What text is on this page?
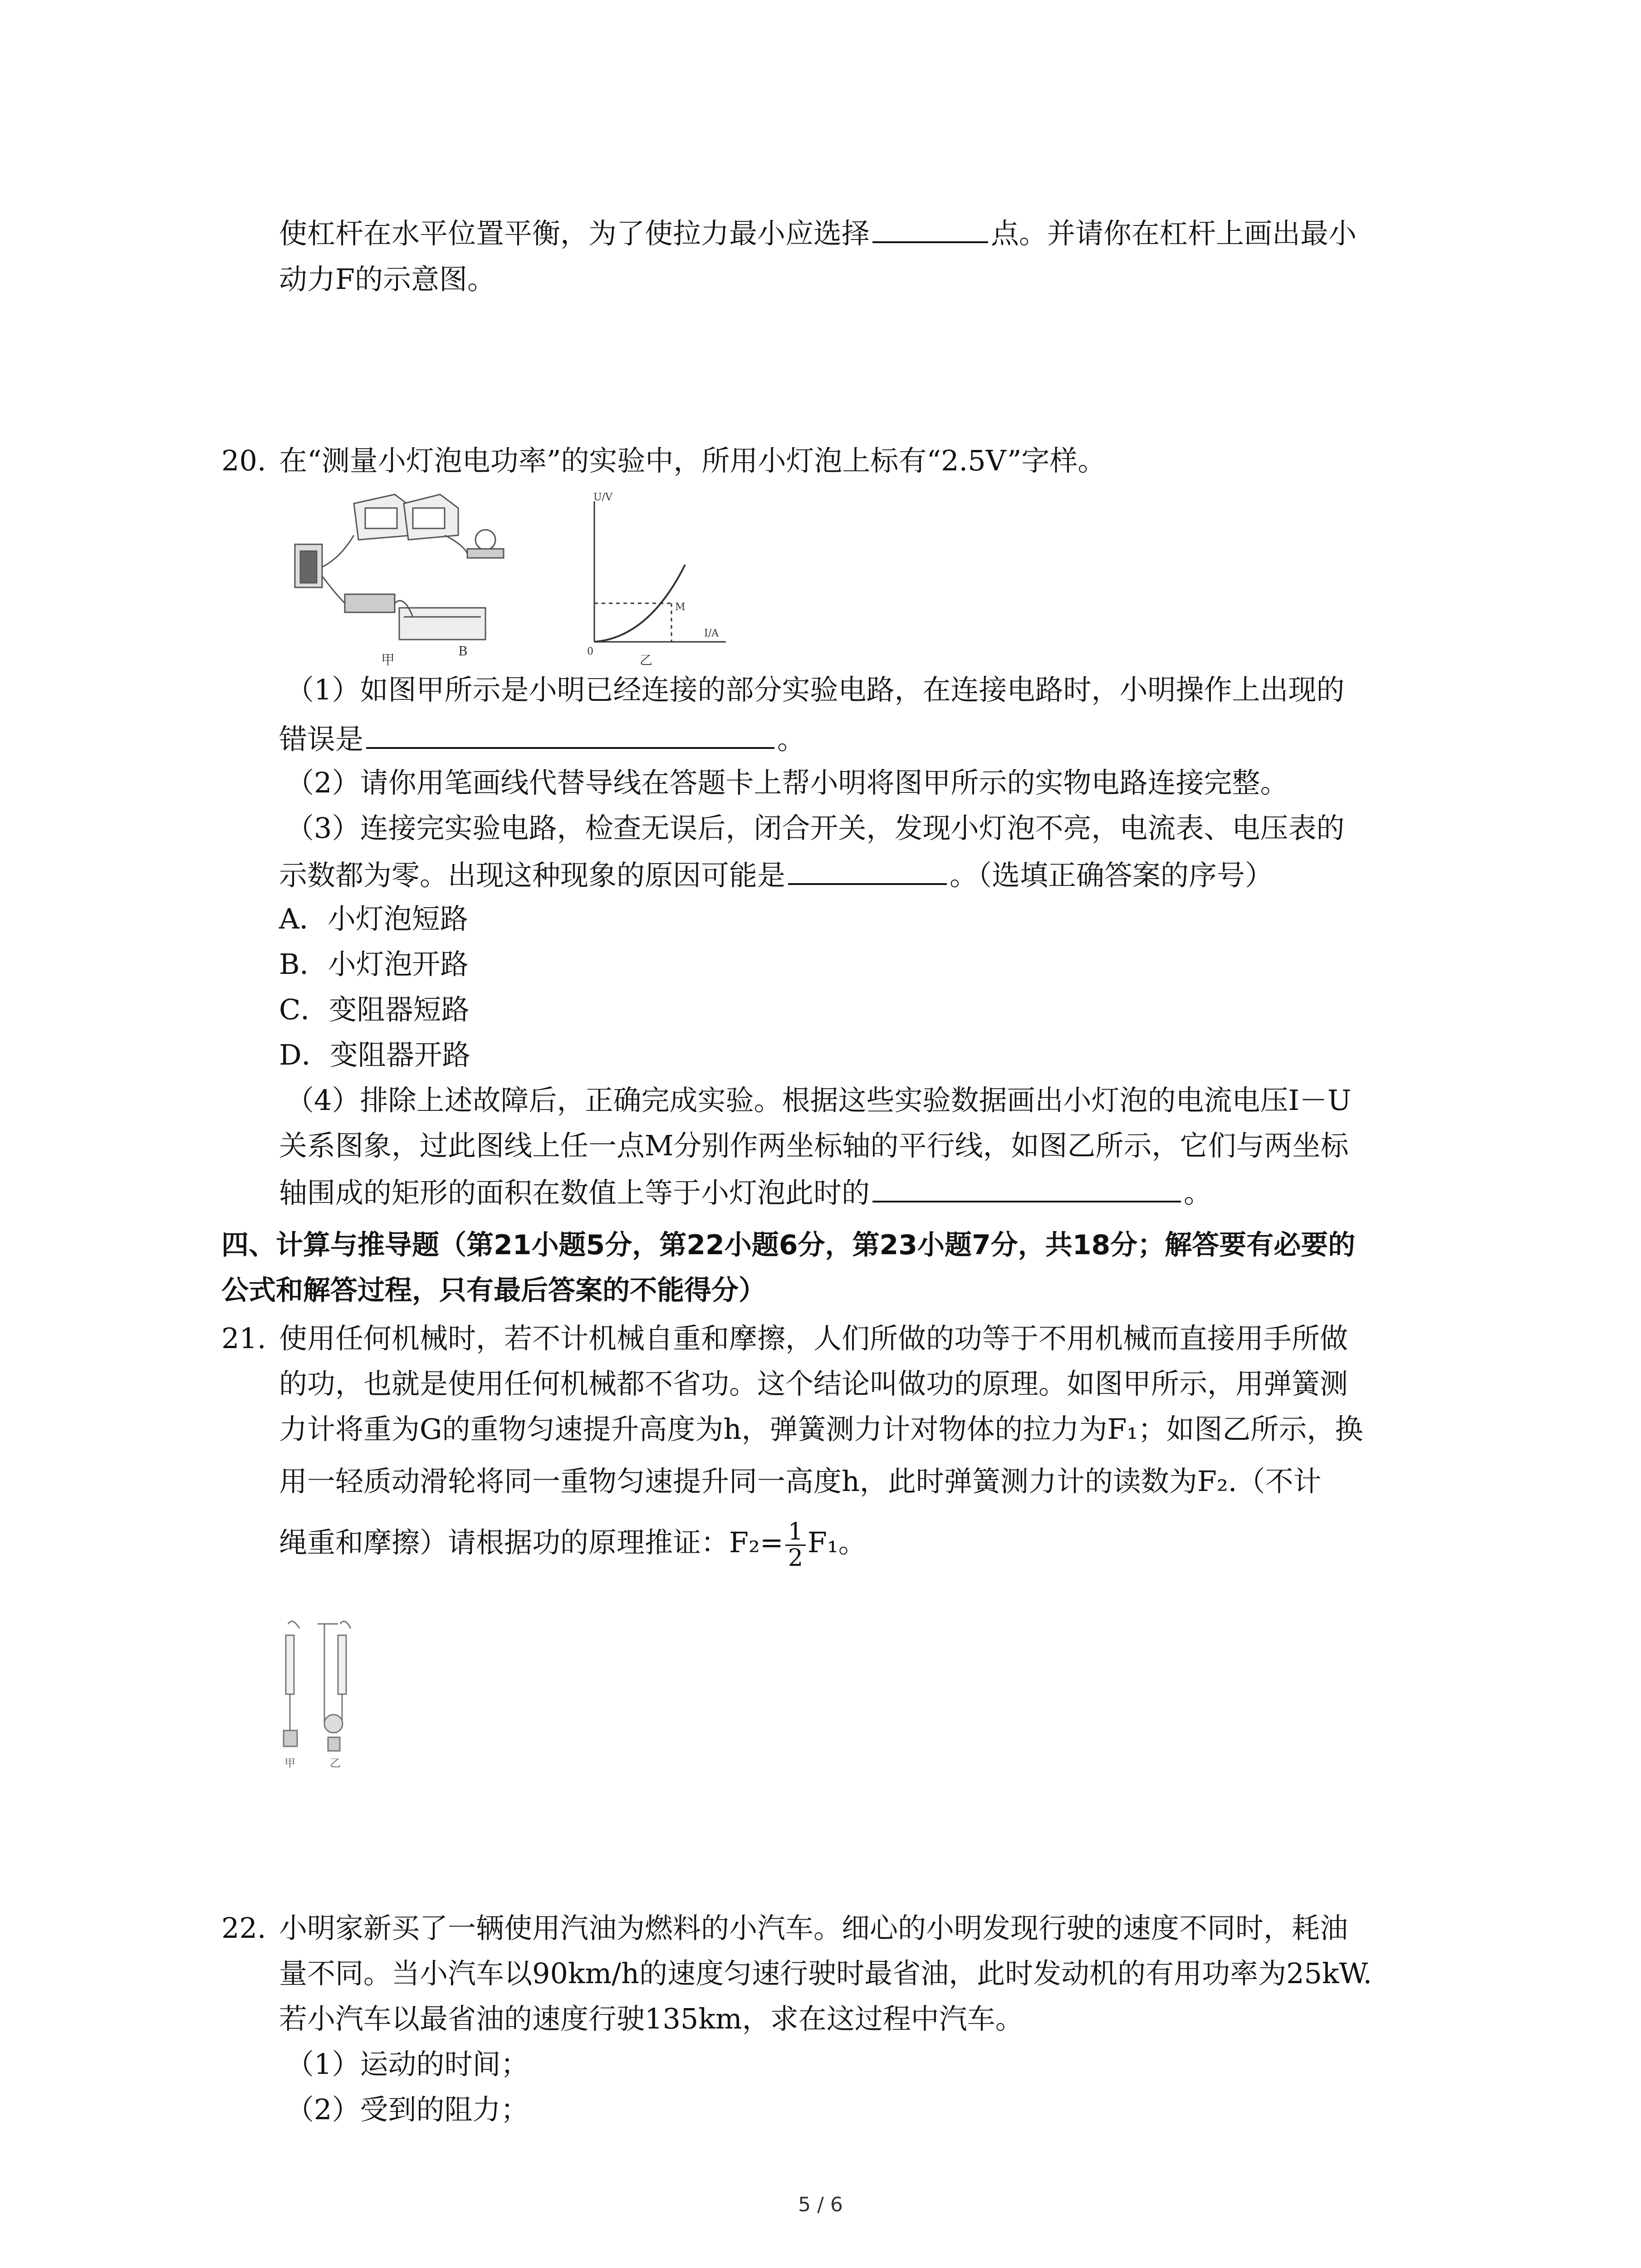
使杠杆在水平位置平衡，为了使拉力最小应选择	点。并请你在杠杆上画出最小
动力F的示意图。
20. 在“测量小灯泡电功率”的实验中，所用小灯泡上标有“2.5V”字样。
甲
B
U/V
I/A
M
0
乙
（1）如图甲所示是小明已经连接的部分实验电路，在连接电路时，小明操作上出现的
错误是	。
（2）请你用笔画线代替导线在答题卡上帮小明将图甲所示的实物电路连接完整。
（3）连接完实验电路，检查无误后，闭合开关，发现小灯泡不亮，电流表、电压表的
示数都为零。出现这种现象的原因可能是	。（选填正确答案的序号）
A．小灯泡短路
B．小灯泡开路
C．变阻器短路
D．变阻器开路
（4）排除上述故障后，正确完成实验。根据这些实验数据画出小灯泡的电流电压I－U
关系图象，过此图线上任一点M分别作两坐标轴的平行线，如图乙所示，它们与两坐标
轴围成的矩形的面积在数值上等于小灯泡此时的	。
四、计算与推导题（第21小题5分，第22小题6分，第23小题7分，共18分；解答要有必要的
公式和解答过程，只有最后答案的不能得分）
21. 使用任何机械时，若不计机械自重和摩擦，人们所做的功等于不用机械而直接用手所做
的功，也就是使用任何机械都不省功。这个结论叫做功的原理。如图甲所示，用弹簧测
力计将重为G的重物匀速提升高度为h，弹簧测力计对物体的拉力为F₁；如图乙所示，换
用一轻质动滑轮将同一重物匀速提升同一高度h，此时弹簧测力计的读数为F₂.（不计
绳重和摩擦）请根据功的原理推证：$F_2= \frac{1}{2} F_1$。
甲	乙
22. 小明家新买了一辆使用汽油为燃料的小汽车。细心的小明发现行驶的速度不同时，耗油
量不同。当小汽车以90km/h的速度匀速行驶时最省油，此时发动机的有用功率为25kW.
若小汽车以最省油的速度行驶135km，求在这过程中汽车。
（1）运动的时间；
（2）受到的阻力；
5 / 6
